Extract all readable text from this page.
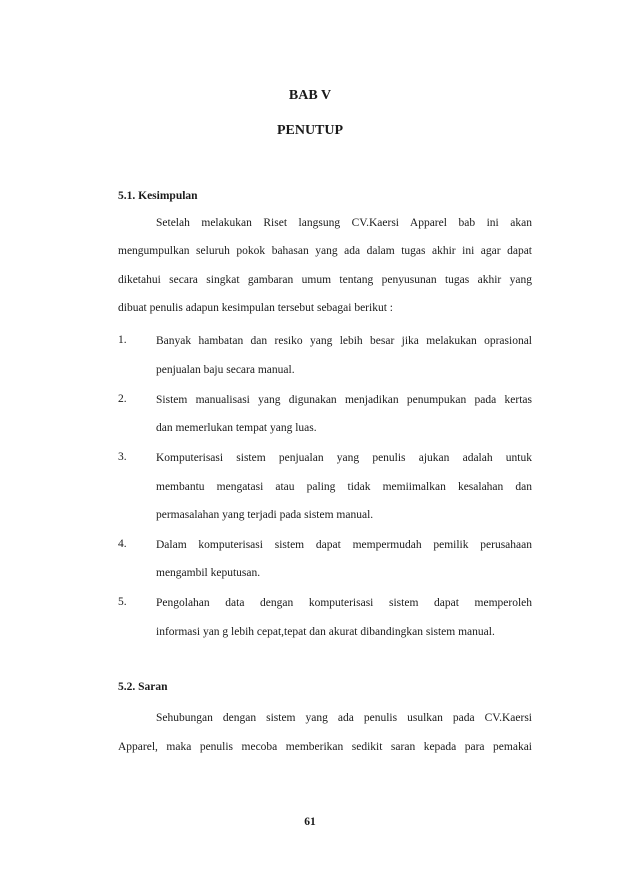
BAB V
PENUTUP
5.1. Kesimpulan
Setelah melakukan Riset langsung CV.Kaersi Apparel bab ini akan
mengumpulkan seluruh pokok bahasan yang ada dalam tugas akhir ini agar dapat
diketahui secara singkat gambaran umum tentang penyusunan tugas akhir yang
dibuat penulis adapun kesimpulan tersebut sebagai berikut :
1.	Banyak hambatan dan resiko yang lebih besar jika melakukan oprasional
penjualan baju secara manual.
2.	Sistem manualisasi yang digunakan menjadikan penumpukan pada kertas
dan memerlukan tempat yang luas.
3.	Komputerisasi sistem penjualan yang penulis ajukan adalah untuk
membantu mengatasi atau paling tidak memiimalkan kesalahan dan
permasalahan yang terjadi pada sistem manual.
4.	Dalam komputerisasi sistem dapat mempermudah pemilik perusahaan
mengambil keputusan.
5.	Pengolahan data dengan komputerisasi sistem dapat memperoleh
informasi yan g lebih cepat,tepat dan akurat dibandingkan sistem manual.
5.2. Saran
Sehubungan dengan sistem yang ada penulis usulkan pada CV.Kaersi
Apparel, maka penulis mecoba memberikan sedikit saran kepada para pemakai
61
